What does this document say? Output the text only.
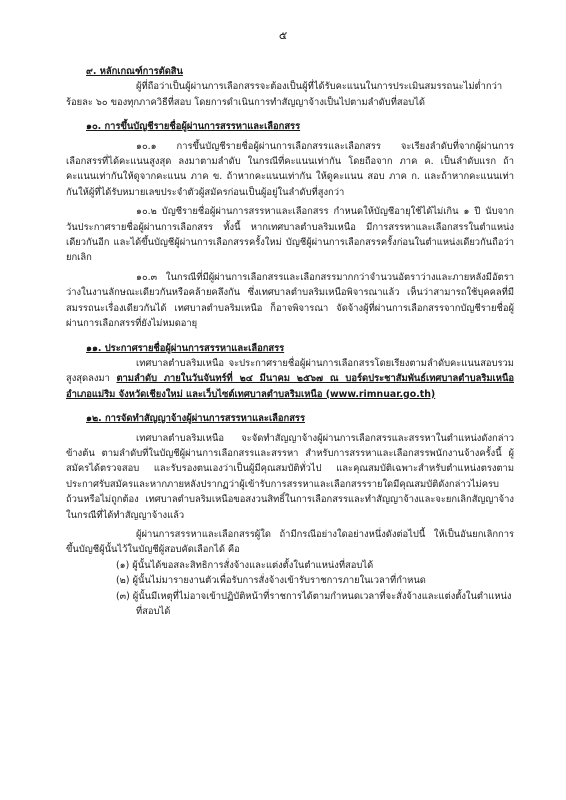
๕
๙. หลักเกณฑ์การตัดสิน

ผู้ที่ถือว่าเป็นผู้ผ่านการเลือกสรรจะต้องเป็นผู้ที่ได้รับคะแนนในการประเมินสมรรถนะไม่ต่ำกว่าร้อยละ ๖๐ ของทุกภาควิธีที่สอบ โดยการดำเนินการทำสัญญาจ้างเป็นไปตามลำดับที่สอบได้

๑๐. การขึ้นบัญชีรายชื่อผู้ผ่านการสรรหาและเลือกสรร

๑๐.๑ การขึ้นบัญชีรายชื่อผู้ผ่านการเลือกสรรและเลือกสรร จะเรียงลำดับที่จากผู้ผ่านการเลือกสรรที่ได้คะแนนสูงสุด ลงมาตามลำดับ ในกรณีที่คะแนนเท่ากัน โดยถือจาก ภาค ค. เป็นลำดับแรก ถ้าคะแนนเท่ากันให้ดูจากคะแนน ภาค ข. ถ้าหากคะแนนเท่ากัน ให้ดูคะแนน สอบ ภาค ก. และถ้าหากคะแนนเท่ากันให้ผู้ที่ได้รับหมายเลขประจำตัวผู้สมัครก่อนเป็นผู้อยู่ในลำดับที่สูงกว่า

๑๐.๒ บัญชีรายชื่อผู้ผ่านการสรรหาและเลือกสรร กำหนดให้บัญชีอายุใช้ได้ไม่เกิน ๑ ปี นับจากวันประกาศรายชื่อผู้ผ่านการเลือกสรร ทั้งนี้ หากเทศบาลตำบลริมเหนือ มีการสรรหาและเลือกสรรในตำแหน่งเดียวกันอีก และได้ขึ้นบัญชีผู้ผ่านการเลือกสรรครั้งใหม่ บัญชีผู้ผ่านการเลือกสรรครั้งก่อนในตำแหน่งเดียวกันถือว่ายกเลิก

๑๐.๓ ในกรณีที่มีผู้ผ่านการเลือกสรรและเลือกสรรมากกว่าจำนวนอัตราว่างและภายหลังมีอัตราว่างในงานลักษณะเดียวกันหรือคล้ายคลึงกัน ซึ่งเทศบาลตำบลริมเหนือพิจารณาแล้ว เห็นว่าสามารถใช้บุคคลที่มีสมรรถนะเรื่องเดียวกันได้ เทศบาลตำบลริมเหนือ ก็อาจพิจารณา จัดจ้างผู้ที่ผ่านการเลือกสรรจากบัญชีรายชื่อผู้ผ่านการเลือกสรรที่ยังไม่หมดอายุ

๑๑. ประกาศรายชื่อผู้ผ่านการสรรหาและเลือกสรร

เทศบาลตำบลริมเหนือ จะประกาศรายชื่อผู้ผ่านการเลือกสรรโดยเรียงตามลำดับคะแนนสอบรวมสูงสุดลงมา ตามลำดับ ภายในวันจันทร์ที่ ๒๔ มีนาคม ๒๕๖๗ ณ บอร์ดประชาสัมพันธ์เทศบาลตำบลริมเหนือ อำเภอแม่ริม จังหวัดเชียงใหม่ และเว็บไซต์เทศบาลตำบลริมเหนือ (www.rimnuar.go.th)

๑๒. การจัดทำสัญญาจ้างผู้ผ่านการสรรหาและเลือกสรร

เทศบาลตำบลริมเหนือ จะจัดทำสัญญาจ้างผู้ผ่านการเลือกสรรและสรรหาในตำแหน่งดังกล่าวข้างต้น ตามลำดับที่ในบัญชีผู้ผ่านการเลือกสรรและสรรหา สำหรับการสรรหาและเลือกสรรพนักงานจ้างครั้งนี้ ผู้สมัครได้ตรวจสอบ และรับรองตนเองว่าเป็นผู้มีคุณสมบัติทั่วไป และคุณสมบัติเฉพาะสำหรับตำแหน่งตรงตามประกาศรับสมัครและหากภายหลังปรากฏว่าผู้เข้ารับการสรรหาและเลือกสรรรายใดมีคุณสมบัติดังกล่าวไม่ครบถ้วนหรือไม่ถูกต้อง เทศบาลตำบลริมเหนือขอสงวนสิทธิ์ในการเลือกสรรและทำสัญญาจ้างและจะยกเลิกสัญญาจ้างในกรณีที่ได้ทำสัญญาจ้างแล้ว

ผู้ผ่านการสรรหาและเลือกสรรผู้ใด ถ้ามีกรณีอย่างใดอย่างหนึ่งดังต่อไปนี้ ให้เป็นอันยกเลิกการขึ้นบัญชีผู้นั้นไว้ในบัญชีผู้สอบคัดเลือกได้ คือ

(๑) ผู้นั้นได้ขอสละสิทธิการสั่งจ้างและแต่งตั้งในตำแหน่งที่สอบได้

(๒) ผู้นั้นไม่มารายงานตัวเพื่อรับการสั่งจ้างเข้ารับราชการภายในเวลาที่กำหนด

(๓) ผู้นั้นมีเหตุที่ไม่อาจเข้าปฏิบัติหน้าที่ราชการได้ตามกำหนดเวลาที่จะสั่งจ้างและแต่งตั้งในตำแหน่งที่สอบได้
